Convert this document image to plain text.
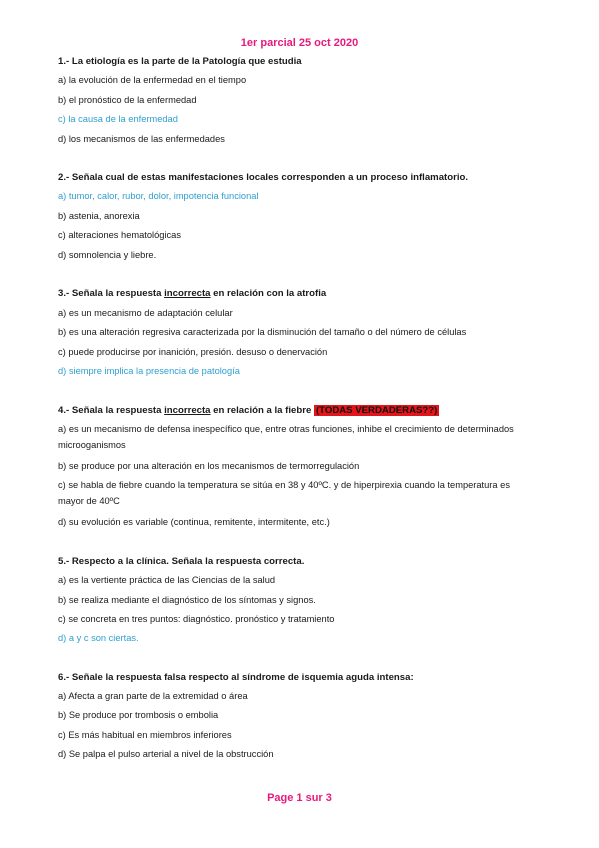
1er parcial 25 oct 2020
1.- La etiología es la parte de la Patología que estudia
a) la evolución de la enfermedad en el tiempo
b) el pronóstico de la enfermedad
c) la causa de la enfermedad
d) los mecanismos de las enfermedades
2.- Señala cual de estas manifestaciones locales corresponden a un proceso inflamatorio.
a) tumor, calor, rubor, dolor, impotencia funcional
b) astenia, anorexia
c) alteraciones hematológicas
d) somnolencia y liebre.
3.- Señala la respuesta incorrecta en relación con la atrofia
a) es un mecanismo de adaptación celular
b) es una alteración regresiva caracterizada por la disminución del tamaño o del número de células
c) puede producirse por inanición, presión. desuso o denervación
d) siempre implica la presencia de patología
4.- Señala la respuesta incorrecta en relación a la fiebre (TODAS VERDADERAS??)
a) es un mecanismo de defensa inespecífico que, entre otras funciones, inhibe el crecimiento de determinados microoganismos
b) se produce por una alteración en los mecanismos de termorregulación
c) se habla de fiebre cuando la temperatura se sitúa en 38 y 40ºC. y de hiperpirexia cuando la temperatura es mayor de 40ºC
d) su evolución es variable (continua, remitente, intermitente, etc.)
5.- Respecto a la clínica. Señala la respuesta correcta.
a) es la vertiente práctica de las Ciencias de la salud
b) se realiza mediante el diagnóstico de los síntomas y signos.
c) se concreta en tres puntos: diagnóstico. pronóstico y tratamiento
d) a y c son ciertas.
6.- Señale la respuesta falsa respecto al síndrome de isquemia aguda intensa:
a) Afecta a gran parte de la extremidad o área
b) Se produce por trombosis o embolia
c) Es más habitual en miembros inferiores
d) Se palpa el pulso arterial a nivel de la obstrucción
Page 1 sur 3
